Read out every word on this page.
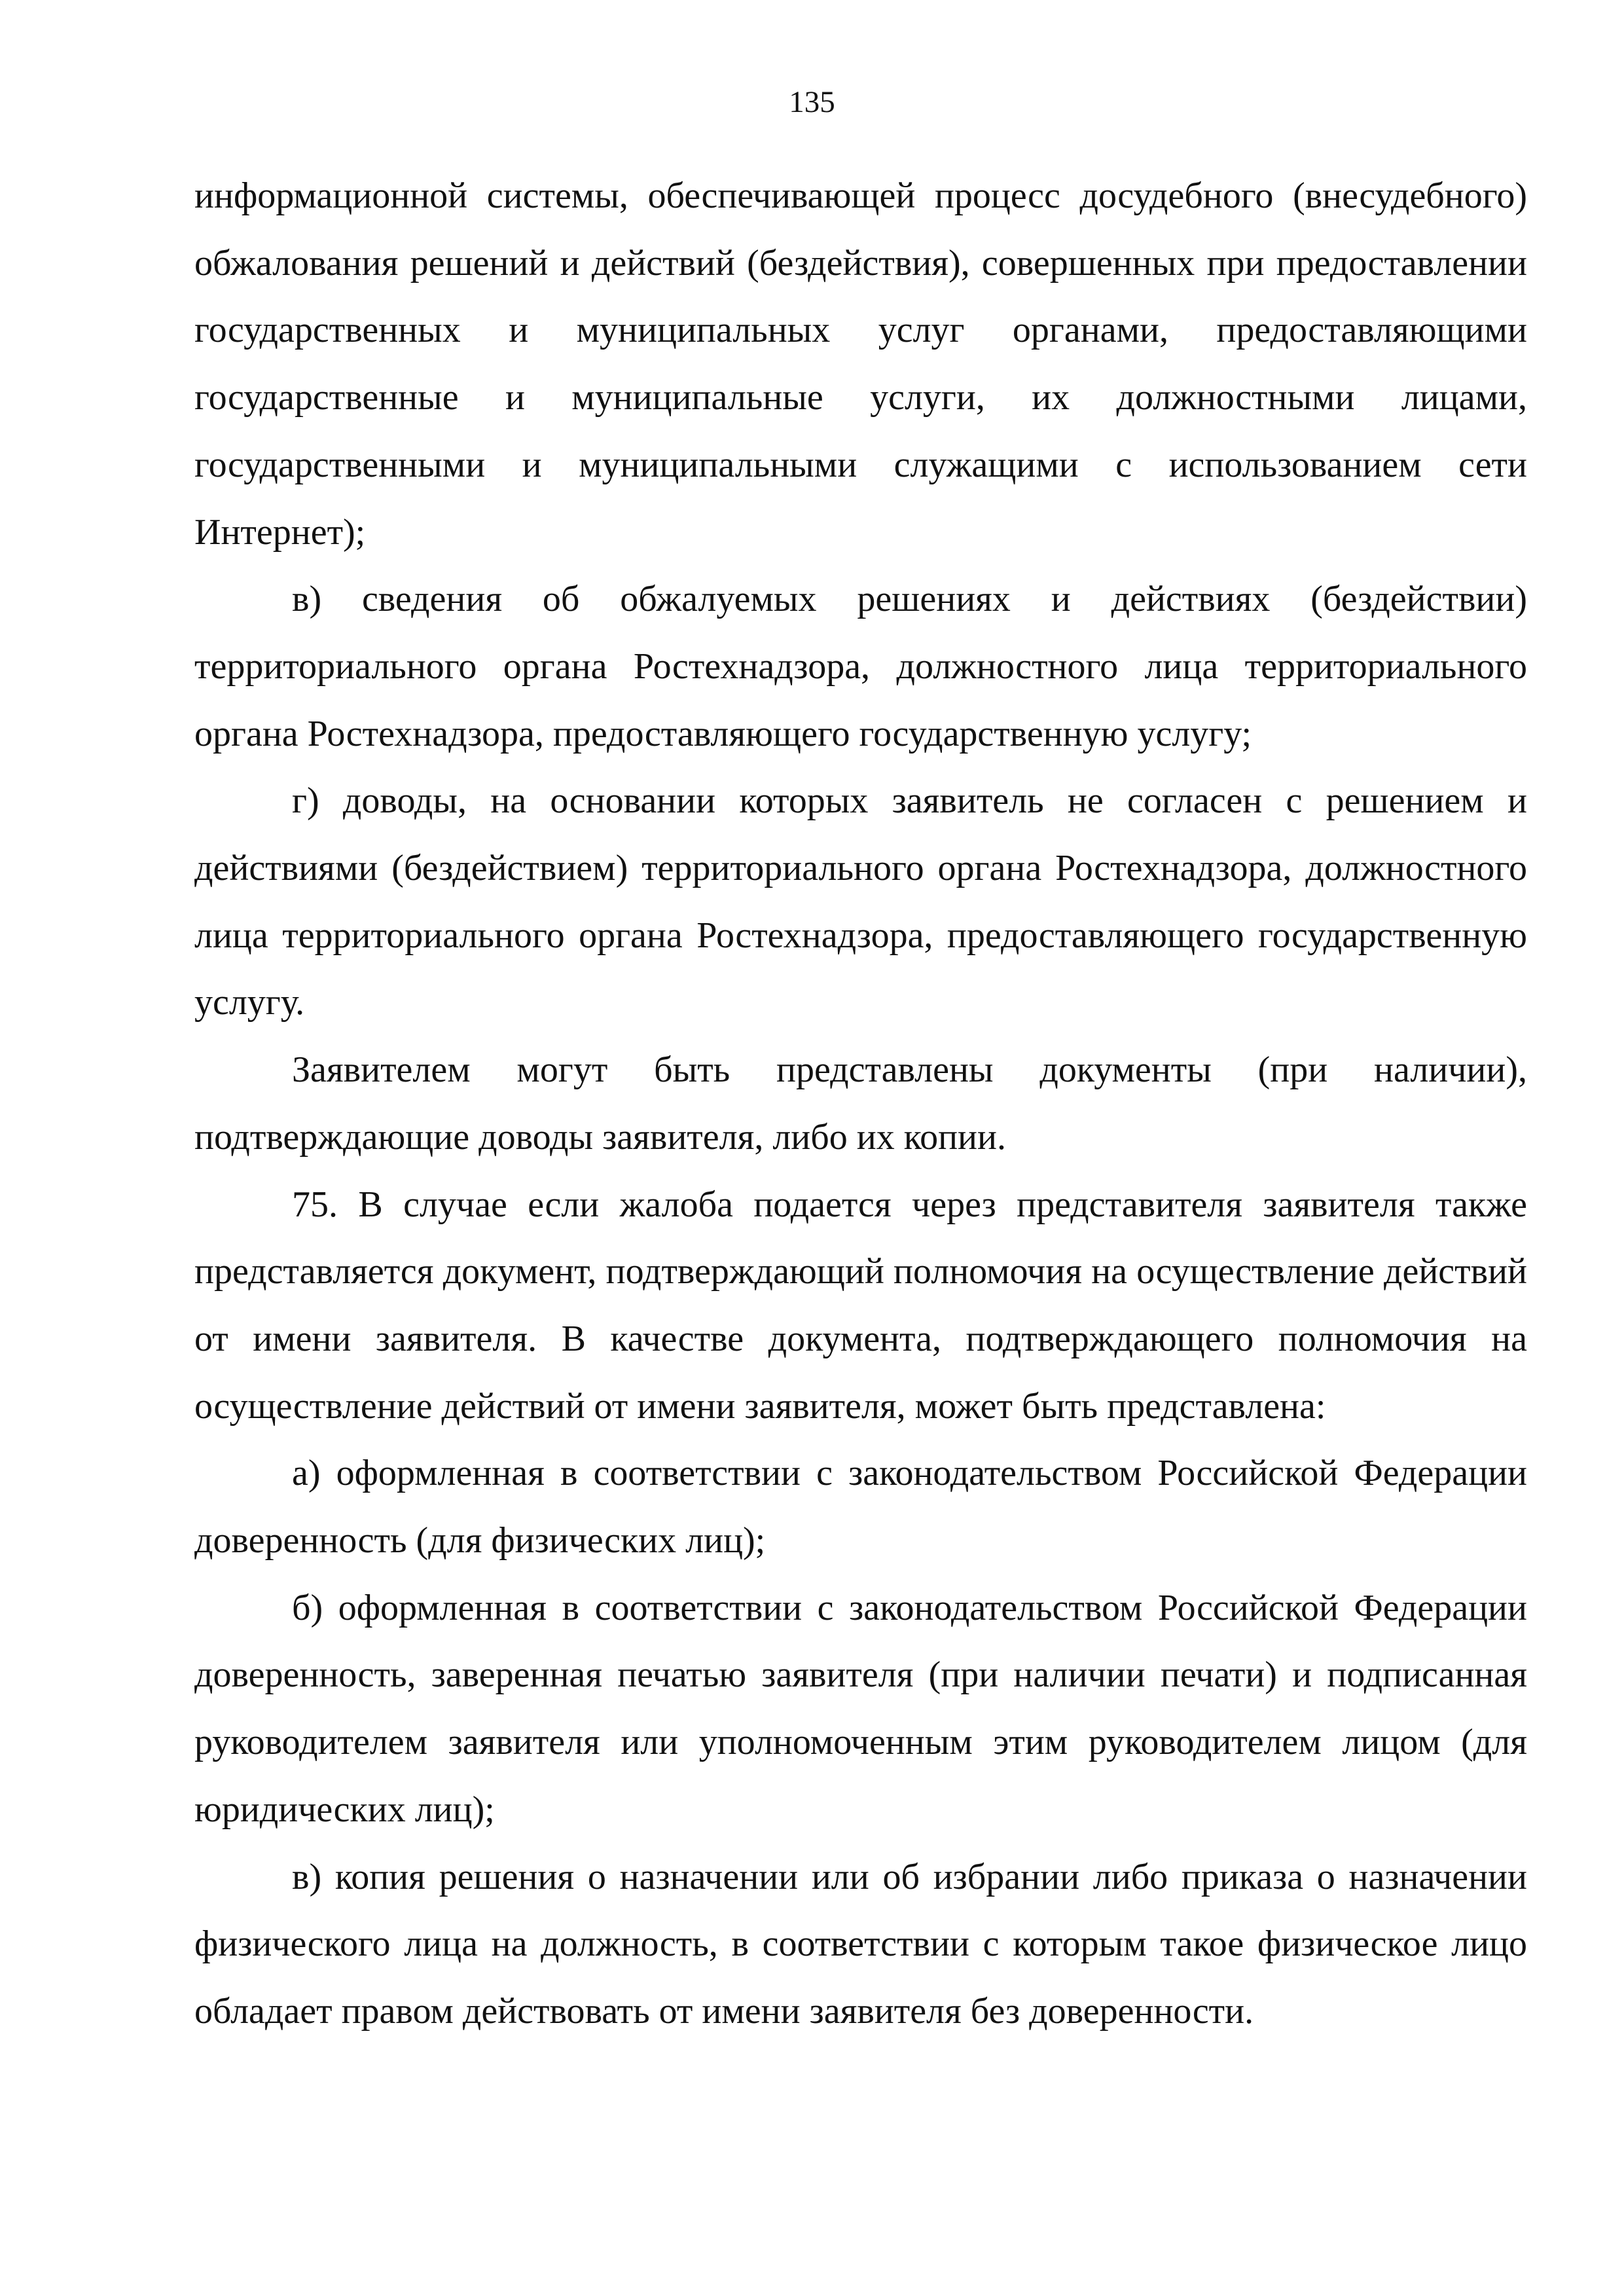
135

информационной системы, обеспечивающей процесс досудебного (внесудебного) обжалования решений и действий (бездействия), совершенных при предоставлении государственных и муниципальных услуг органами, предоставляющими государственные и муниципальные услуги, их должностными лицами, государственными и муниципальными служащими с использованием сети Интернет);

в) сведения об обжалуемых решениях и действиях (бездействии) территориального органа Ростехнадзора, должностного лица территориального органа Ростехнадзора, предоставляющего государственную услугу;

г) доводы, на основании которых заявитель не согласен с решением и действиями (бездействием) территориального органа Ростехнадзора, должностного лица территориального органа Ростехнадзора, предоставляющего государственную услугу.

Заявителем могут быть представлены документы (при наличии), подтверждающие доводы заявителя, либо их копии.

75. В случае если жалоба подается через представителя заявителя также представляется документ, подтверждающий полномочия на осуществление действий от имени заявителя. В качестве документа, подтверждающего полномочия на осуществление действий от имени заявителя, может быть представлена:

а) оформленная в соответствии с законодательством Российской Федерации доверенность (для физических лиц);

б) оформленная в соответствии с законодательством Российской Федерации доверенность, заверенная печатью заявителя (при наличии печати) и подписанная руководителем заявителя или уполномоченным этим руководителем лицом (для юридических лиц);

в) копия решения о назначении или об избрании либо приказа о назначении физического лица на должность, в соответствии с которым такое физическое лицо обладает правом действовать от имени заявителя без доверенности.
